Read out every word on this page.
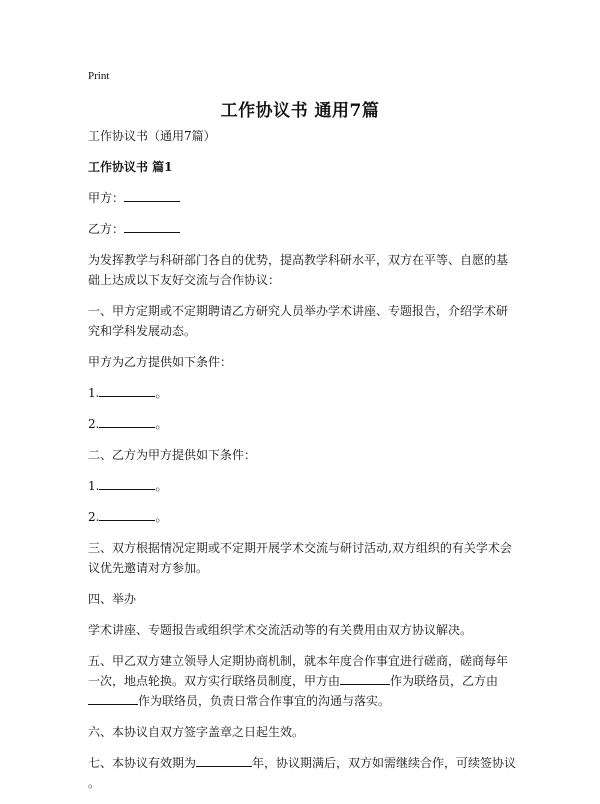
Print
工作协议书 通用7篇

工作协议书（通用7篇）

工作协议书 篇1

甲方：

乙方：

为发挥教学与科研部门各自的优势，提高教学科研水平，双方在平等、自愿的基础上达成以下友好交流与合作协议：

一、甲方定期或不定期聘请乙方研究人员举办学术讲座、专题报告，介绍学术研究和学科发展动态。

甲方为乙方提供如下条件：

1.	。

2.	。

二、乙方为甲方提供如下条件：

1.	。

2.	。

三、双方根据情况定期或不定期开展学术交流与研讨活动,双方组织的有关学术会议优先邀请对方参加。

四、举办

学术讲座、专题报告或组织学术交流活动等的有关费用由双方协议解决。

五、甲乙双方建立领导人定期协商机制，就本年度合作事宜进行磋商，磋商每年一次，地点轮换。双方实行联络员制度，甲方由	作为联络员，乙方由作为联络员，负责日常合作事宜的沟通与落实。

六、本协议自双方签字盖章之日起生效。

七、本协议有效期为	年，协议期满后，双方如需继续合作，可续签协议
。
